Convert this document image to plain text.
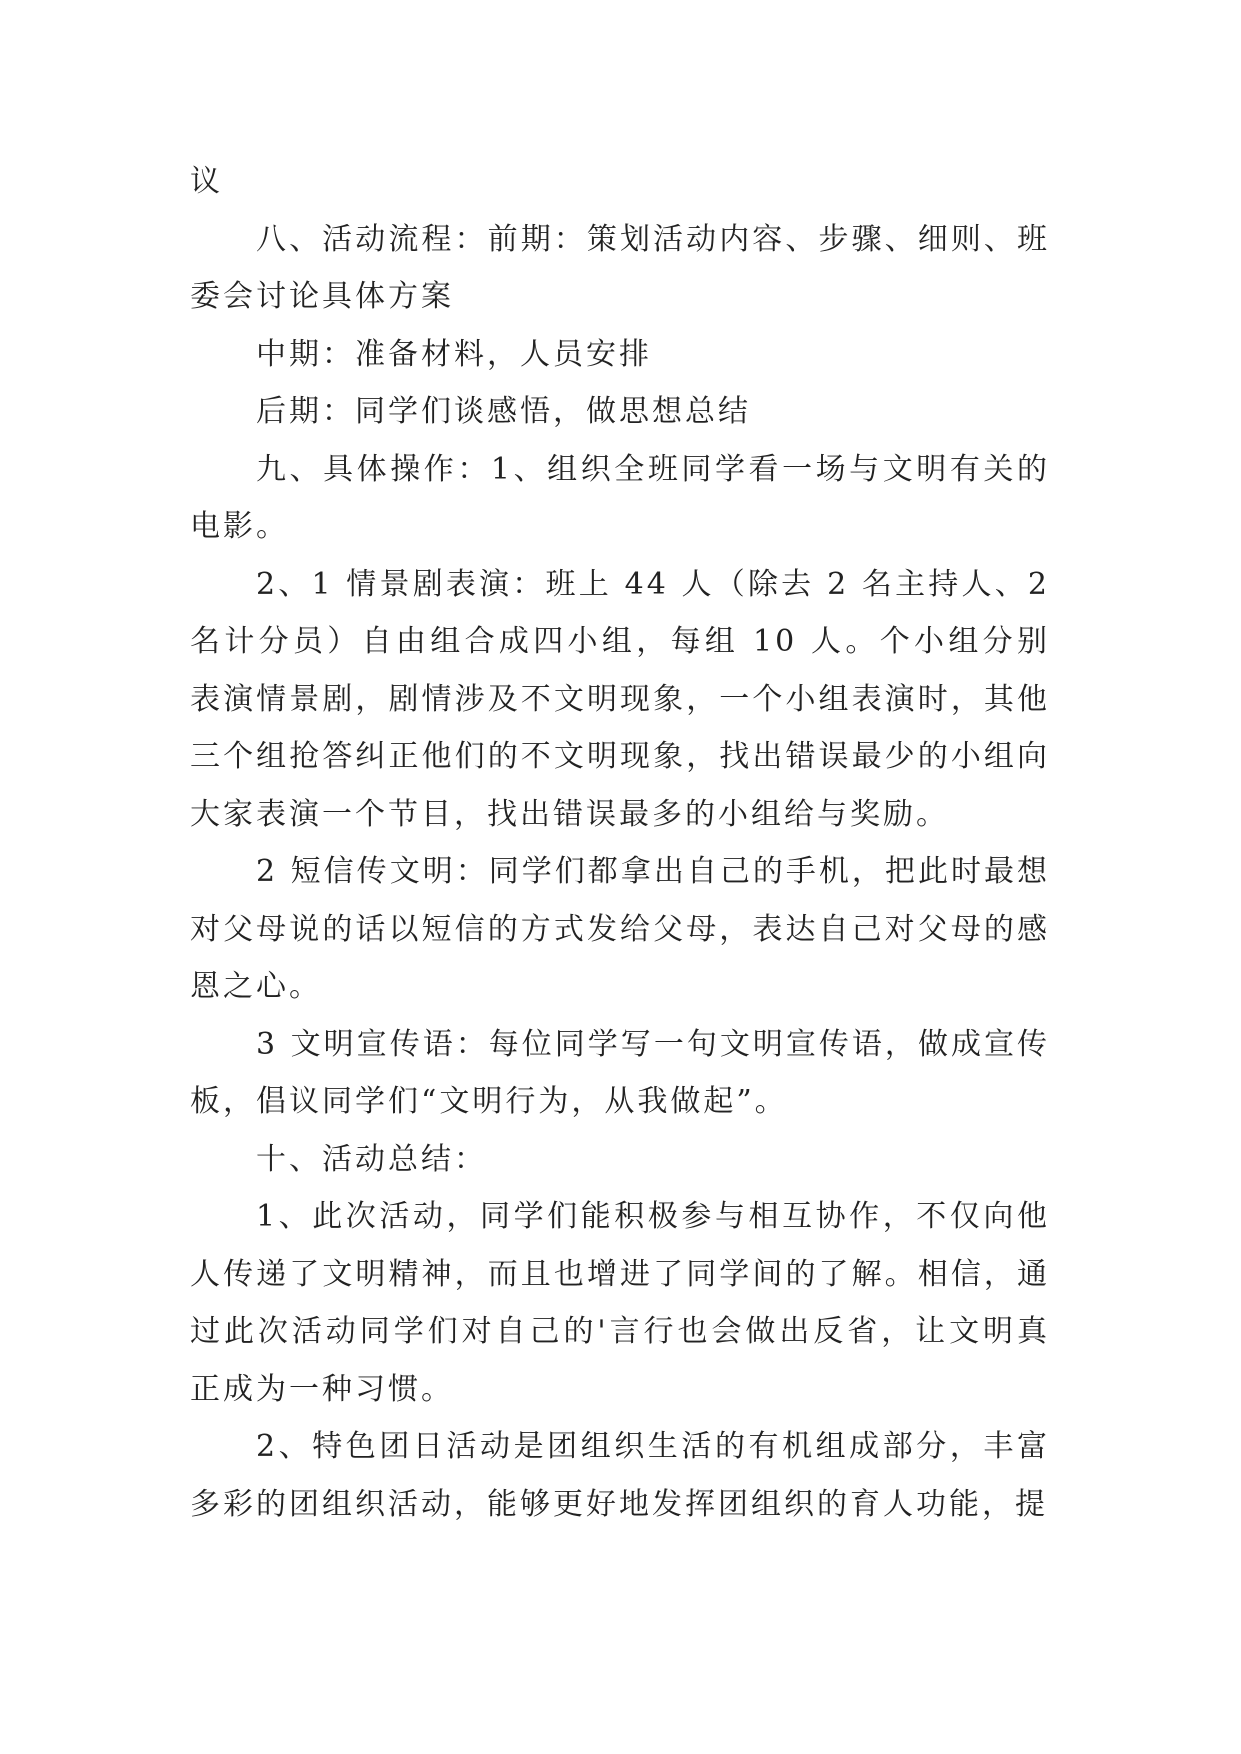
议

八、活动流程：前期：策划活动内容、步骤、细则、班委会讨论具体方案

中期：准备材料，人员安排

后期：同学们谈感悟，做思想总结

九、具体操作：1、组织全班同学看一场与文明有关的电影。

2、1 情景剧表演：班上 44 人（除去 2 名主持人、2 名计分员）自由组合成四小组，每组 10 人。个小组分别表演情景剧，剧情涉及不文明现象，一个小组表演时，其他三个组抢答纠正他们的不文明现象，找出错误最少的小组向大家表演一个节目，找出错误最多的小组给与奖励。

2 短信传文明：同学们都拿出自己的手机，把此时最想对父母说的话以短信的方式发给父母，表达自己对父母的感恩之心。

3 文明宣传语：每位同学写一句文明宣传语，做成宣传板，倡议同学们“文明行为，从我做起”。

十、活动总结：

1、此次活动，同学们能积极参与相互协作，不仅向他人传递了文明精神，而且也增进了同学间的了解。相信，通过此次活动同学们对自己的'言行也会做出反省，让文明真正成为一种习惯。

2、特色团日活动是团组织生活的有机组成部分，丰富多彩的团组织活动，能够更好地发挥团组织的育人功能，提
